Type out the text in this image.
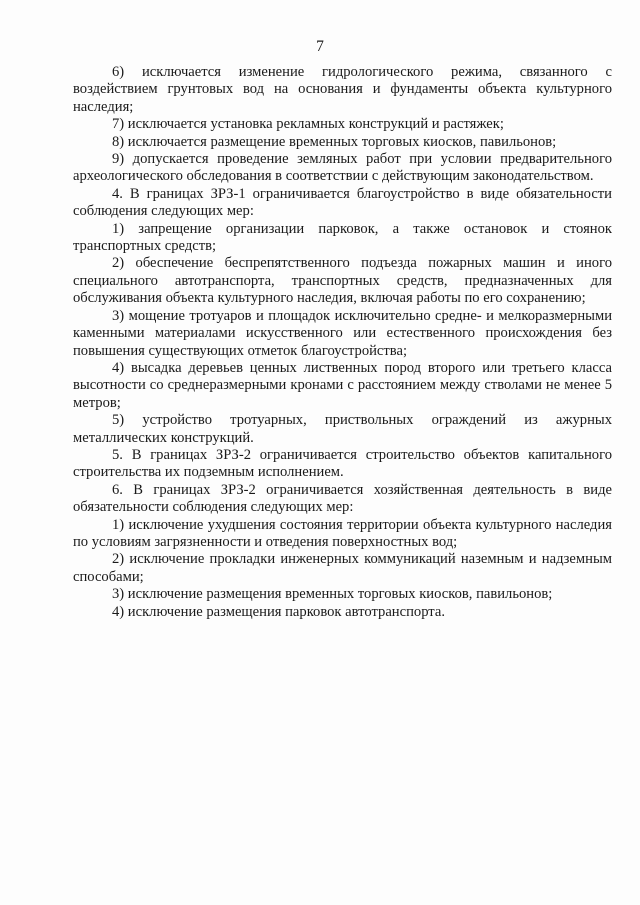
7

6) исключается изменение гидрологического режима, связанного с воздействием грунтовых вод на основания и фундаменты объекта культурного наследия;

7) исключается установка рекламных конструкций и растяжек;

8) исключается размещение временных торговых киосков, павильонов;

9) допускается проведение земляных работ при условии предварительного археологического обследования в соответствии с действующим законодательством.

4. В границах ЗРЗ-1 ограничивается благоустройство в виде обязательности соблюдения следующих мер:

1) запрещение организации парковок, а также остановок и стоянок транспортных средств;

2) обеспечение беспрепятственного подъезда пожарных машин и иного специального автотранспорта, транспортных средств, предназначенных для обслуживания объекта культурного наследия, включая работы по его сохранению;

3) мощение тротуаров и площадок исключительно средне- и мелкоразмерными каменными материалами искусственного или естественного происхождения без повышения существующих отметок благоустройства;

4) высадка деревьев ценных лиственных пород второго или третьего класса высотности со среднеразмерными кронами с расстоянием между стволами не менее 5 метров;

5) устройство тротуарных, приствольных ограждений из ажурных металлических конструкций.

5. В границах ЗРЗ-2 ограничивается строительство объектов капитального строительства их подземным исполнением.

6. В границах ЗРЗ-2 ограничивается хозяйственная деятельность в виде обязательности соблюдения следующих мер:

1) исключение ухудшения состояния территории объекта культурного наследия по условиям загрязненности и отведения поверхностных вод;

2) исключение прокладки инженерных коммуникаций наземным и надземным способами;

3) исключение размещения временных торговых киосков, павильонов;

4) исключение размещения парковок автотранспорта.
